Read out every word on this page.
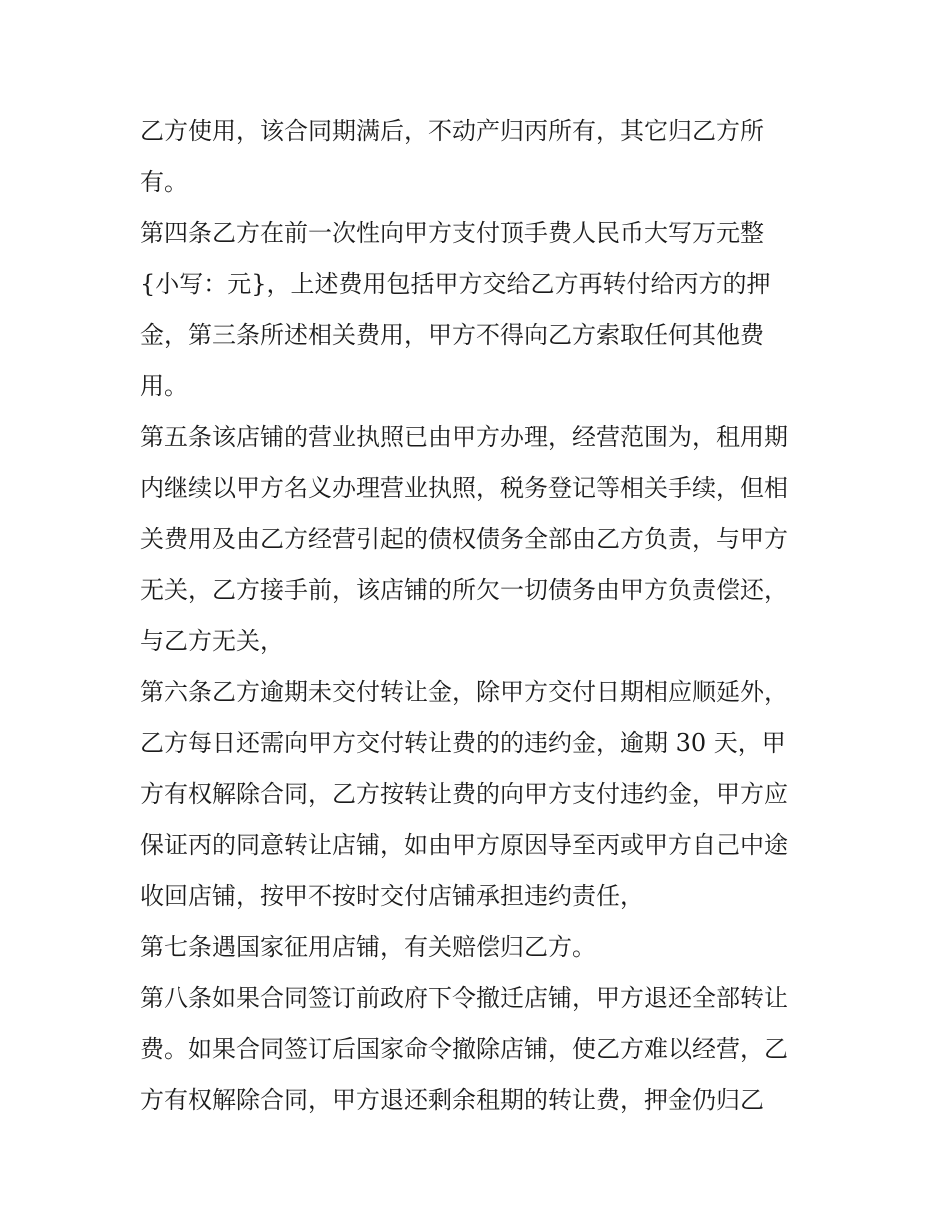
乙方使用，该合同期满后，不动产归丙所有，其它归乙方所
有。
第四条乙方在前一次性向甲方支付顶手费人民币大写万元整
{小写：元}，上述费用包括甲方交给乙方再转付给丙方的押
金，第三条所述相关费用，甲方不得向乙方索取任何其他费
用。
第五条该店铺的营业执照已由甲方办理，经营范围为，租用期
内继续以甲方名义办理营业执照，税务登记等相关手续，但相
关费用及由乙方经营引起的债权债务全部由乙方负责，与甲方
无关，乙方接手前，该店铺的所欠一切债务由甲方负责偿还，
与乙方无关，
第六条乙方逾期未交付转让金，除甲方交付日期相应顺延外，
乙方每日还需向甲方交付转让费的的违约金，逾期 30 天，甲
方有权解除合同，乙方按转让费的向甲方支付违约金，甲方应
保证丙的同意转让店铺，如由甲方原因导至丙或甲方自己中途
收回店铺，按甲不按时交付店铺承担违约责任，
第七条遇国家征用店铺，有关赔偿归乙方。
第八条如果合同签订前政府下令撤迁店铺，甲方退还全部转让
费。如果合同签订后国家命令撤除店铺，使乙方难以经营，乙
方有权解除合同，甲方退还剩余租期的转让费，押金仍归乙
